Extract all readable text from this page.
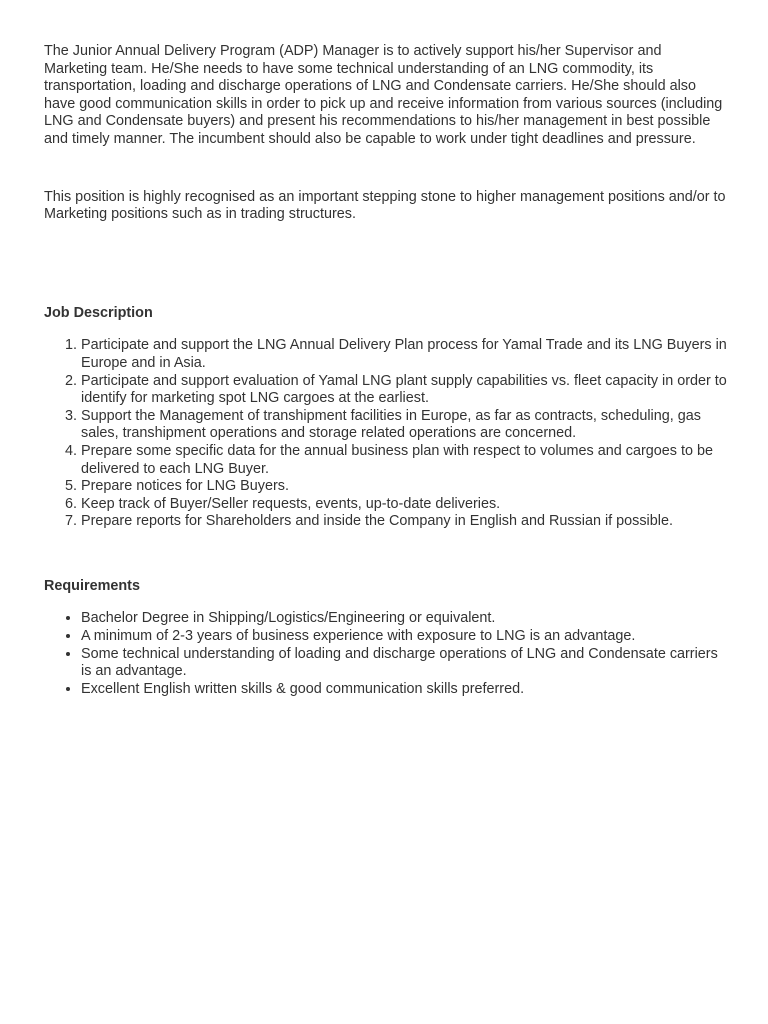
The Junior Annual Delivery Program (ADP) Manager is to actively support his/her Supervisor and Marketing team. He/She needs to have some technical understanding of an LNG commodity, its transportation, loading and discharge operations of LNG and Condensate carriers. He/She should also have good communication skills in order to pick up and receive information from various sources (including LNG and Condensate buyers) and present his recommendations to his/her management in best possible and timely manner. The incumbent should also be capable to work under tight deadlines and pressure.

This position is highly recognised as an important stepping stone to higher management positions and/or to Marketing positions such as in trading structures.

Job Description

1. Participate and support the LNG Annual Delivery Plan process for Yamal Trade and its LNG Buyers in Europe and in Asia.
2. Participate and support evaluation of Yamal LNG plant supply capabilities vs. fleet capacity in order to identify for marketing spot LNG cargoes at the earliest.
3. Support the Management of transhipment facilities in Europe, as far as contracts, scheduling, gas sales, transhipment operations and storage related operations are concerned.
4. Prepare some specific data for the annual business plan with respect to volumes and cargoes to be delivered to each LNG Buyer.
5. Prepare notices for LNG Buyers.
6. Keep track of Buyer/Seller requests, events, up-to-date deliveries.
7. Prepare reports for Shareholders and inside the Company in English and Russian if possible.

Requirements

• Bachelor Degree in Shipping/Logistics/Engineering or equivalent.
• A minimum of 2-3 years of business experience with exposure to LNG is an advantage.
• Some technical understanding of loading and discharge operations of LNG and Condensate carriers is an advantage.
• Excellent English written skills & good communication skills preferred.
